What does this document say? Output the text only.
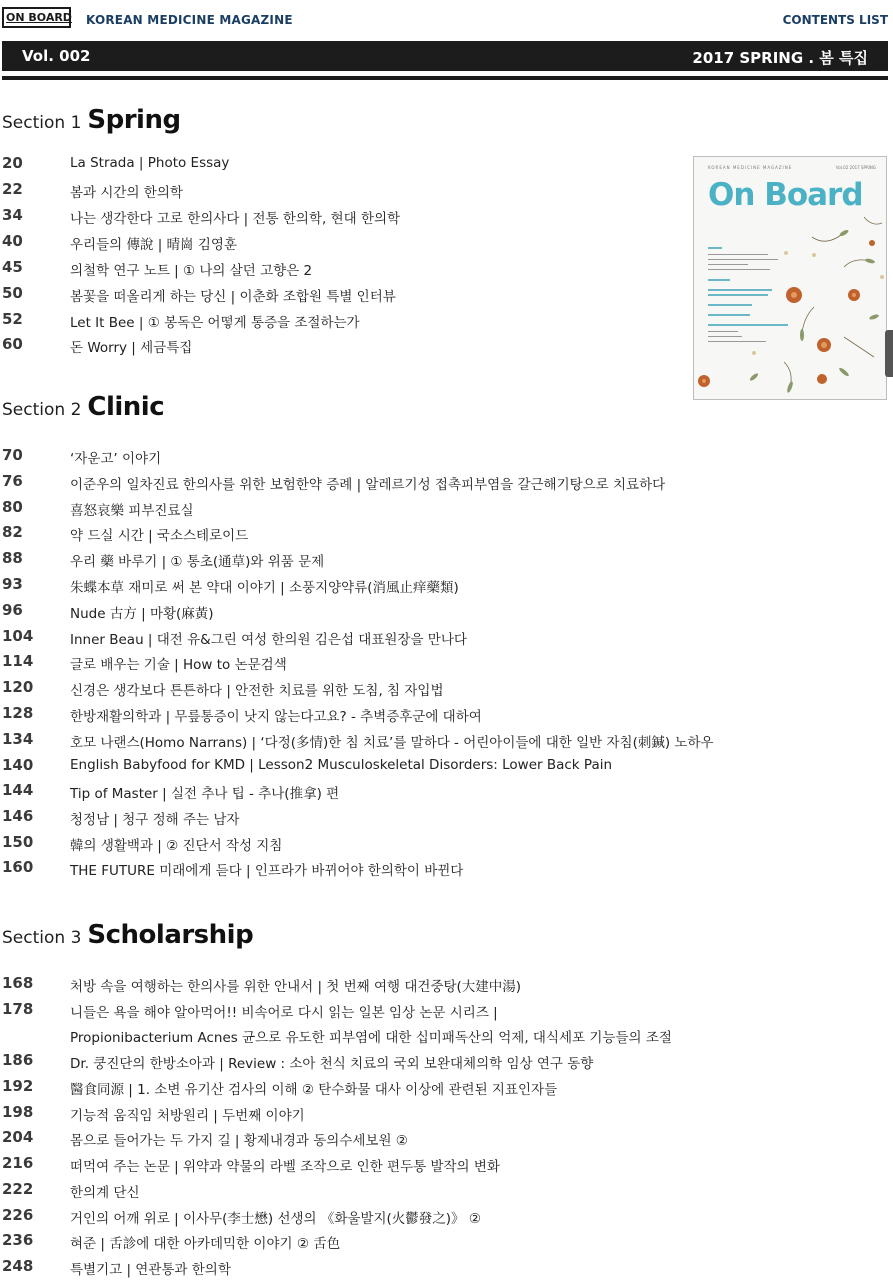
ON BOARD KOREAN MEDICINE MAGAZINE	CONTENTS LIST
Vol. 002	2017 SPRING . 봄 특집
Section 1 Spring
Section 2 Clinic
Section 3 Scholarship
20	La Strada | Photo Essay
22	봄과 시간의 한의학
34	나는 생각한다 고로 한의사다 | 전통 한의학, 현대 한의학
40	우리들의 傳說 | 晴崗 김영훈
45	의철학 연구 노트 | ① 나의 살던 고향은 2
50	봄꽃을 떠올리게 하는 당신 | 이춘화 조합원 특별 인터뷰
52	Let It Bee | ① 봉독은 어떻게 통증을 조절하는가
60	돈 Worry | 세금특집
70	‘자운고’ 이야기
76	이준우의 일차진료 한의사를 위한 보험한약 증례 | 알레르기성 접촉피부염을 갈근해기탕으로 치료하다
80	喜怒哀樂 피부진료실
82	약 드실 시간 | 국소스테로이드
88	우리 藥 바루기 | ① 통초(通草)와 위품 문제
93	朱蝶本草 재미로 써 본 약대 이야기 | 소풍지양약류(消風止痒藥類)
96	Nude 古方 | 마황(麻黃)
104	Inner Beau | 대전 유&그린 여성 한의원 김은섭 대표원장을 만나다
114	글로 배우는 기술 | How to 논문검색
120	신경은 생각보다 튼튼하다 | 안전한 치료를 위한 도침, 침 자입법
128	한방재활의학과 | 무릎통증이 낫지 않는다고요? - 추벽증후군에 대하여
134	호모 나랜스(Homo Narrans) | ‘다정(多情)한 침 치료’를 말하다 - 어린아이들에 대한 일반 자침(刺鍼) 노하우
140	English Babyfood for KMD | Lesson2 Musculoskeletal Disorders: Lower Back Pain
144	Tip of Master | 실전 추나 팁 - 추나(推拿) 편
146	청정남 | 청구 정해 주는 남자
150	韓의 생활백과 | ② 진단서 작성 지침
160	THE FUTURE 미래에게 듣다 | 인프라가 바뀌어야 한의학이 바뀐다
168	처방 속을 여행하는 한의사를 위한 안내서 | 첫 번째 여행 대건중탕(大建中湯)
178	니들은 욕을 해야 알아먹어!! 비속어로 다시 읽는 일본 임상 논문 시리즈 |
Propionibacterium Acnes 균으로 유도한 피부염에 대한 십미패독산의 억제, 대식세포 기능들의 조절
186	Dr. 쿵진단의 한방소아과 | Review : 소아 천식 치료의 국외 보완대체의학 임상 연구 동향
192	醫食同源 | 1. 소변 유기산 검사의 이해 ② 탄수화물 대사 이상에 관련된 지표인자들
198	기능적 움직임 처방원리 | 두번째 이야기
204	몸으로 들어가는 두 가지 길 | 황제내경과 동의수세보원 ②
216	떠먹여 주는 논문 | 위약과 약물의 라벨 조작으로 인한 편두통 발작의 변화
222	한의계 단신
226	거인의 어깨 위로 | 이사무(李士懋) 선생의 《화울발지(火鬱發之)》 ②
236	혀준 | 舌診에 대한 아카데믹한 이야기 ② 舌色
248	특별기고 | 연관통과 한의학
KOREAN MEDICINE MAGAZINE	Vol.02 2017 SPRING
On Board
